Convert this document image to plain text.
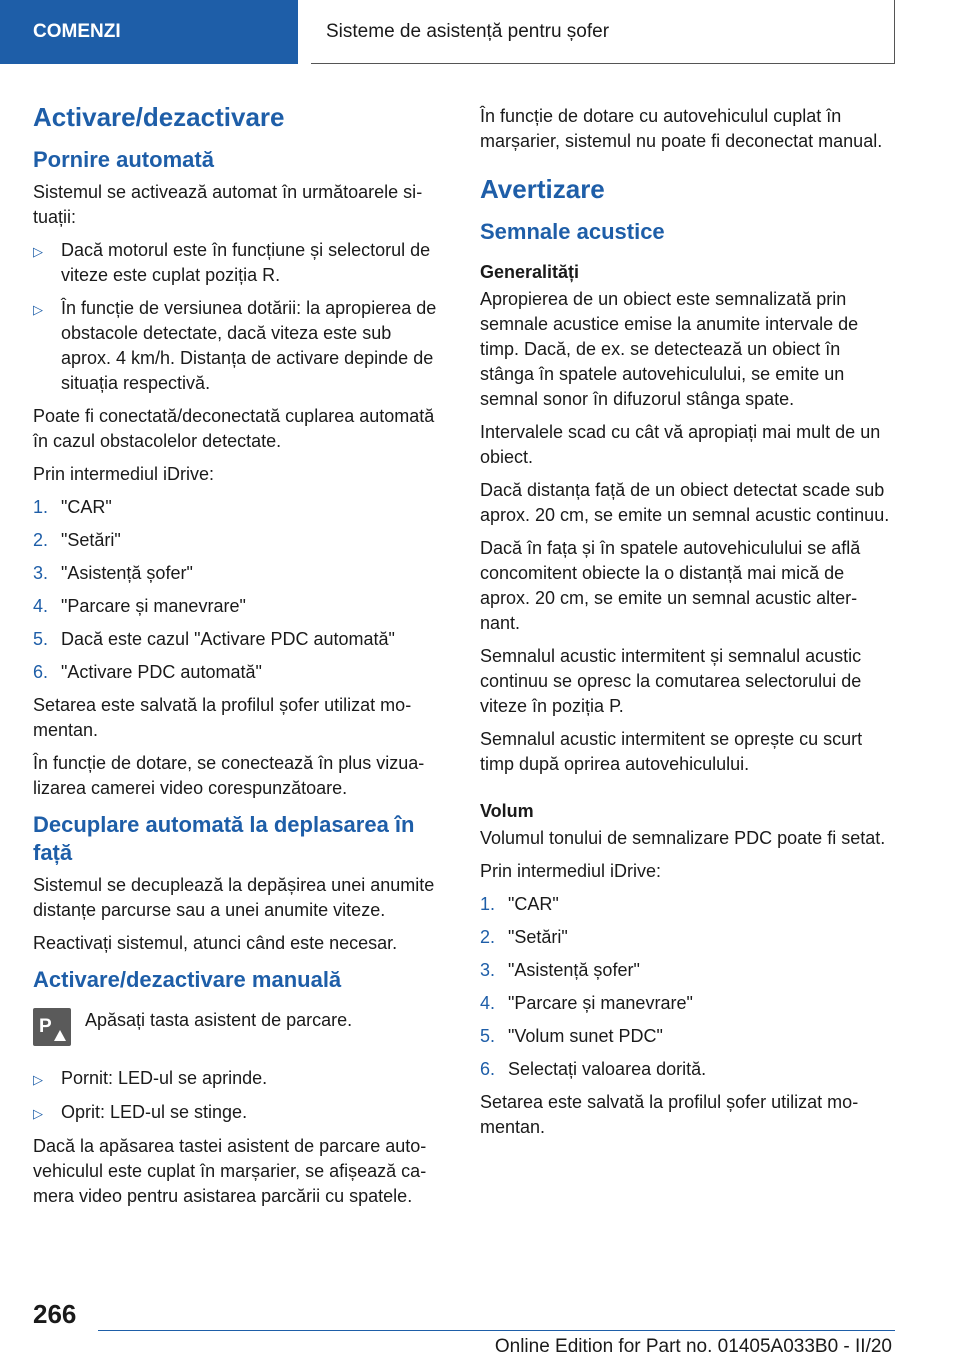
COMENZI	Sisteme de asistență pentru șofer
Activare/dezactivare
Pornire automată

Sistemul se activează automat în următoarele situații:

▷	Dacă motorul este în funcțiune și selectorul de viteze este cuplat poziția R.
▷	În funcție de versiunea dotării: la apropierea de obstacole detectate, dacă viteza este sub aprox. 4 km/h. Distanța de activare depinde de situația respectivă.

Poate fi conectată/deconectată cuplarea automată în cazul obstacolelor detectate.

Prin intermediul iDrive:

1. "CAR"
2. "Setări"
3. "Asistență șofer"
4. "Parcare și manevrare"
5. Dacă este cazul "Activare PDC automată"
6. "Activare PDC automată"

Setarea este salvată la profilul șofer utilizat momentan.

În funcție de dotare, se conectează în plus vizualizarea camerei video corespunzătoare.

Decuplare automată la deplasarea în față

Sistemul se decuplează la depășirea unei anumite distanțe parcurse sau a unei anumite viteze.

Reactivați sistemul, atunci când este necesar.

Activare/dezactivare manuală
P Apăsați tasta asistent de parcare.
▷	Pornit: LED-ul se aprinde.
▷	Oprit: LED-ul se stinge.

Dacă la apăsarea tastei asistent de parcare autovehiculul este cuplat în marșarier, se afișează camera video pentru asistarea parcării cu spatele.

În funcție de dotare cu autovehiculul cuplat în marșarier, sistemul nu poate fi deconectat manual.

Avertizare
Semnale acustice
Generalități

Apropierea de un obiect este semnalizată prin semnale acustice emise la anumite intervale de timp. Dacă, de ex. se detectează un obiect în stânga în spatele autovehiculului, se emite un semnal sonor în difuzorul stânga spate.

Intervalele scad cu cât vă apropiați mai mult de un obiect.

Dacă distanța față de un obiect detectat scade sub aprox. 20 cm, se emite un semnal acustic continuu.

Dacă în fața și în spatele autovehiculului se află concomitent obiecte la o distanță mai mică de aprox. 20 cm, se emite un semnal acustic alternant.

Semnalul acustic intermitent și semnalul acustic continuu se opresc la comutarea selectorului de viteze în poziția P.

Semnalul acustic intermitent se oprește cu scurt timp după oprirea autovehiculului.

Volum

Volumul tonului de semnalizare PDC poate fi setat.

Prin intermediul iDrive:

1. "CAR"
2. "Setări"
3. "Asistență șofer"
4. "Parcare și manevrare"
5. "Volum sunet PDC"
6. Selectați valoarea dorită.

Setarea este salvată la profilul șofer utilizat momentan.

266
Online Edition for Part no. 01405A033B0 - II/20
